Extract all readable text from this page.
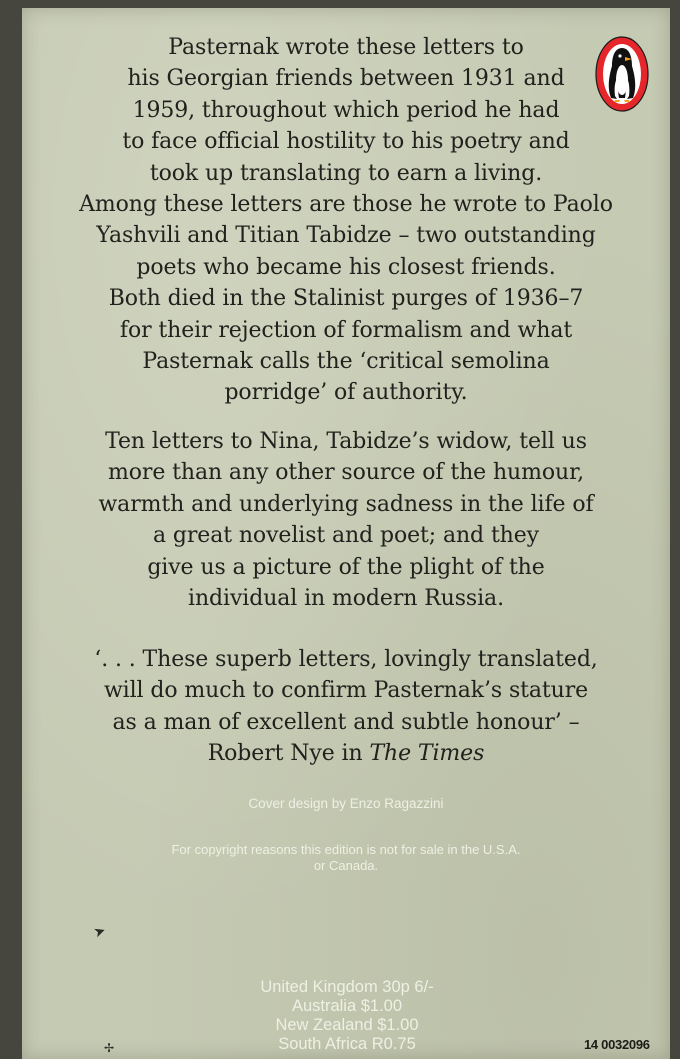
Pasternak wrote these letters to
his Georgian friends between 1931 and
1959, throughout which period he had
to face official hostility to his poetry and
took up translating to earn a living.
Among these letters are those he wrote to Paolo
Yashvili and Titian Tabidze – two outstanding
poets who became his closest friends.
Both died in the Stalinist purges of 1936–7
for their rejection of formalism and what
Pasternak calls the ‘critical semolina
porridge’ of authority.
Ten letters to Nina, Tabidze’s widow, tell us
more than any other source of the humour,
warmth and underlying sadness in the life of
a great novelist and poet; and they
give us a picture of the plight of the
individual in modern Russia.
‘. . . These superb letters, lovingly translated,
will do much to confirm Pasternak’s stature
as a man of excellent and subtle honour’ –
Robert Nye in The Times
Cover design by Enzo Ragazzini
For copyright reasons this edition is not for sale in the U.S.A.
or Canada.
➤
✢
United Kingdom 30p 6/-
Australia $1.00
New Zealand $1.00
South Africa R0.75	14 0032096
